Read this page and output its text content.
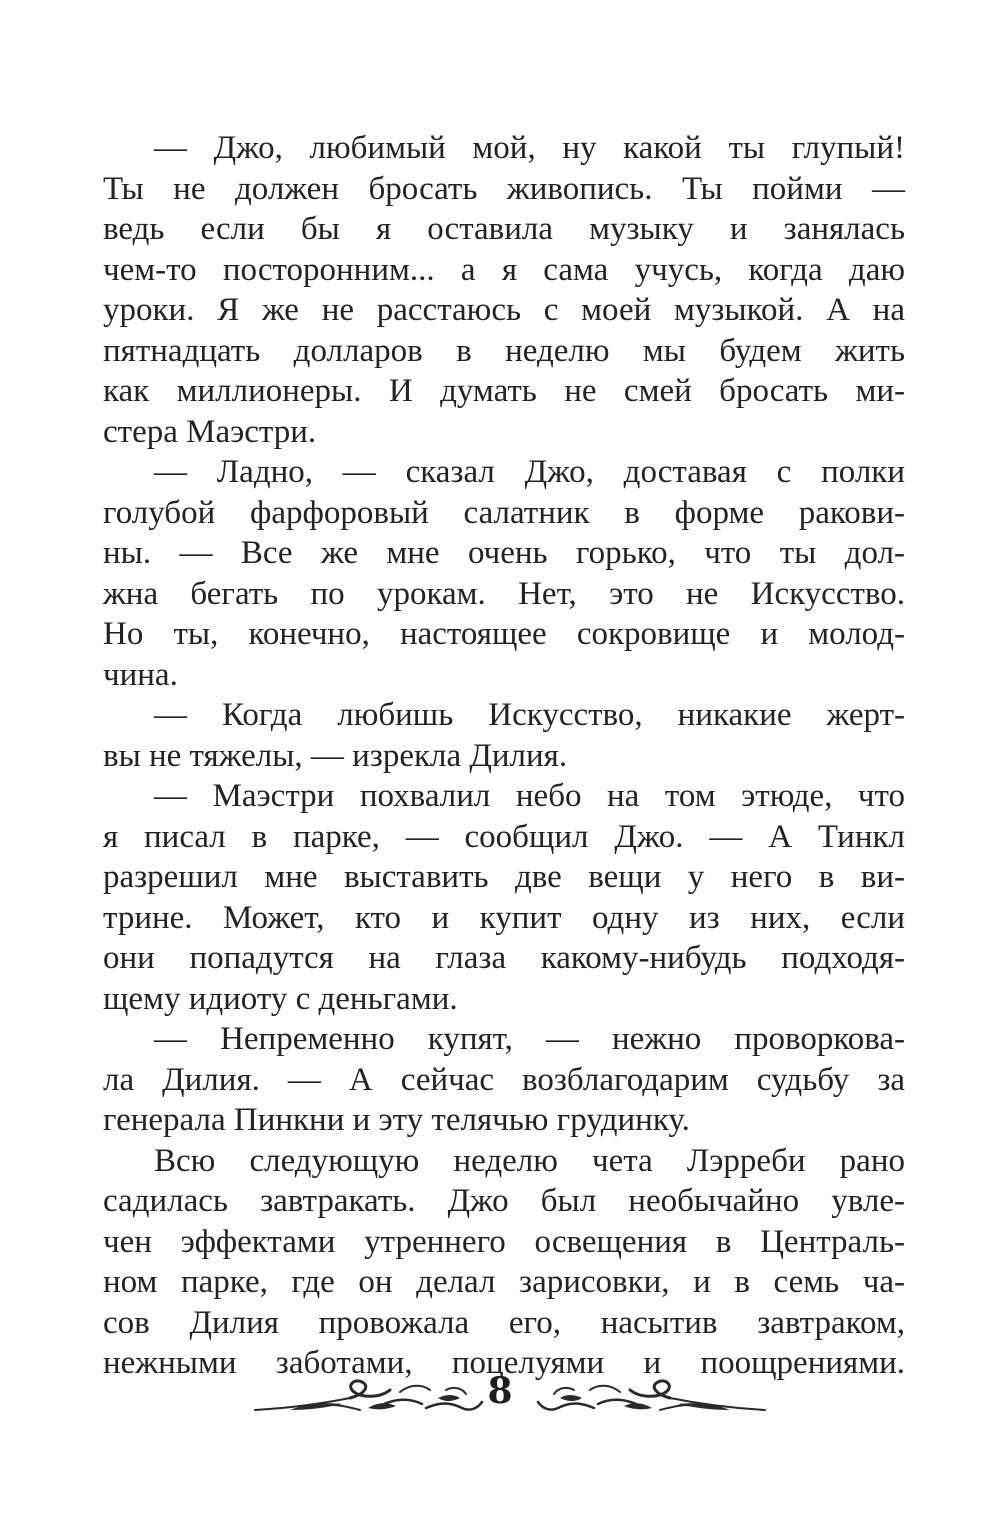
— Джо, любимый мой, ну какой ты глупый!
Ты не должен бросать живопись. Ты пойми —
ведь если бы я оставила музыку и занялась
чем-то посторонним... а я сама учусь, когда даю
уроки. Я же не расстаюсь с моей музыкой. А на
пятнадцать долларов в неделю мы будем жить
как миллионеры. И думать не смей бросать ми-
стера Маэстри.
— Ладно, — сказал Джо, доставая с полки
голубой фарфоровый салатник в форме ракови-
ны. — Все же мне очень горько, что ты дол-
жна бегать по урокам. Нет, это не Искусство.
Но ты, конечно, настоящее сокровище и молод-
чина.
— Когда любишь Искусство, никакие жерт-
вы не тяжелы, — изрекла Дилия.
— Маэстри похвалил небо на том этюде, что
я писал в парке, — сообщил Джо. — А Тинкл
разрешил мне выставить две вещи у него в ви-
трине. Может, кто и купит одну из них, если
они попадутся на глаза какому-нибудь подходя-
щему идиоту с деньгами.
— Непременно купят, — нежно проворкова-
ла Дилия. — А сейчас возблагодарим судьбу за
генерала Пинкни и эту телячью грудинку.
Всю следующую неделю чета Лэрреби рано
садилась завтракать. Джо был необычайно увле-
чен эффектами утреннего освещения в Централь-
ном парке, где он делал зарисовки, и в семь ча-
сов Дилия провожала его, насытив завтраком,
нежными заботами, поцелуями и поощрениями.
8
